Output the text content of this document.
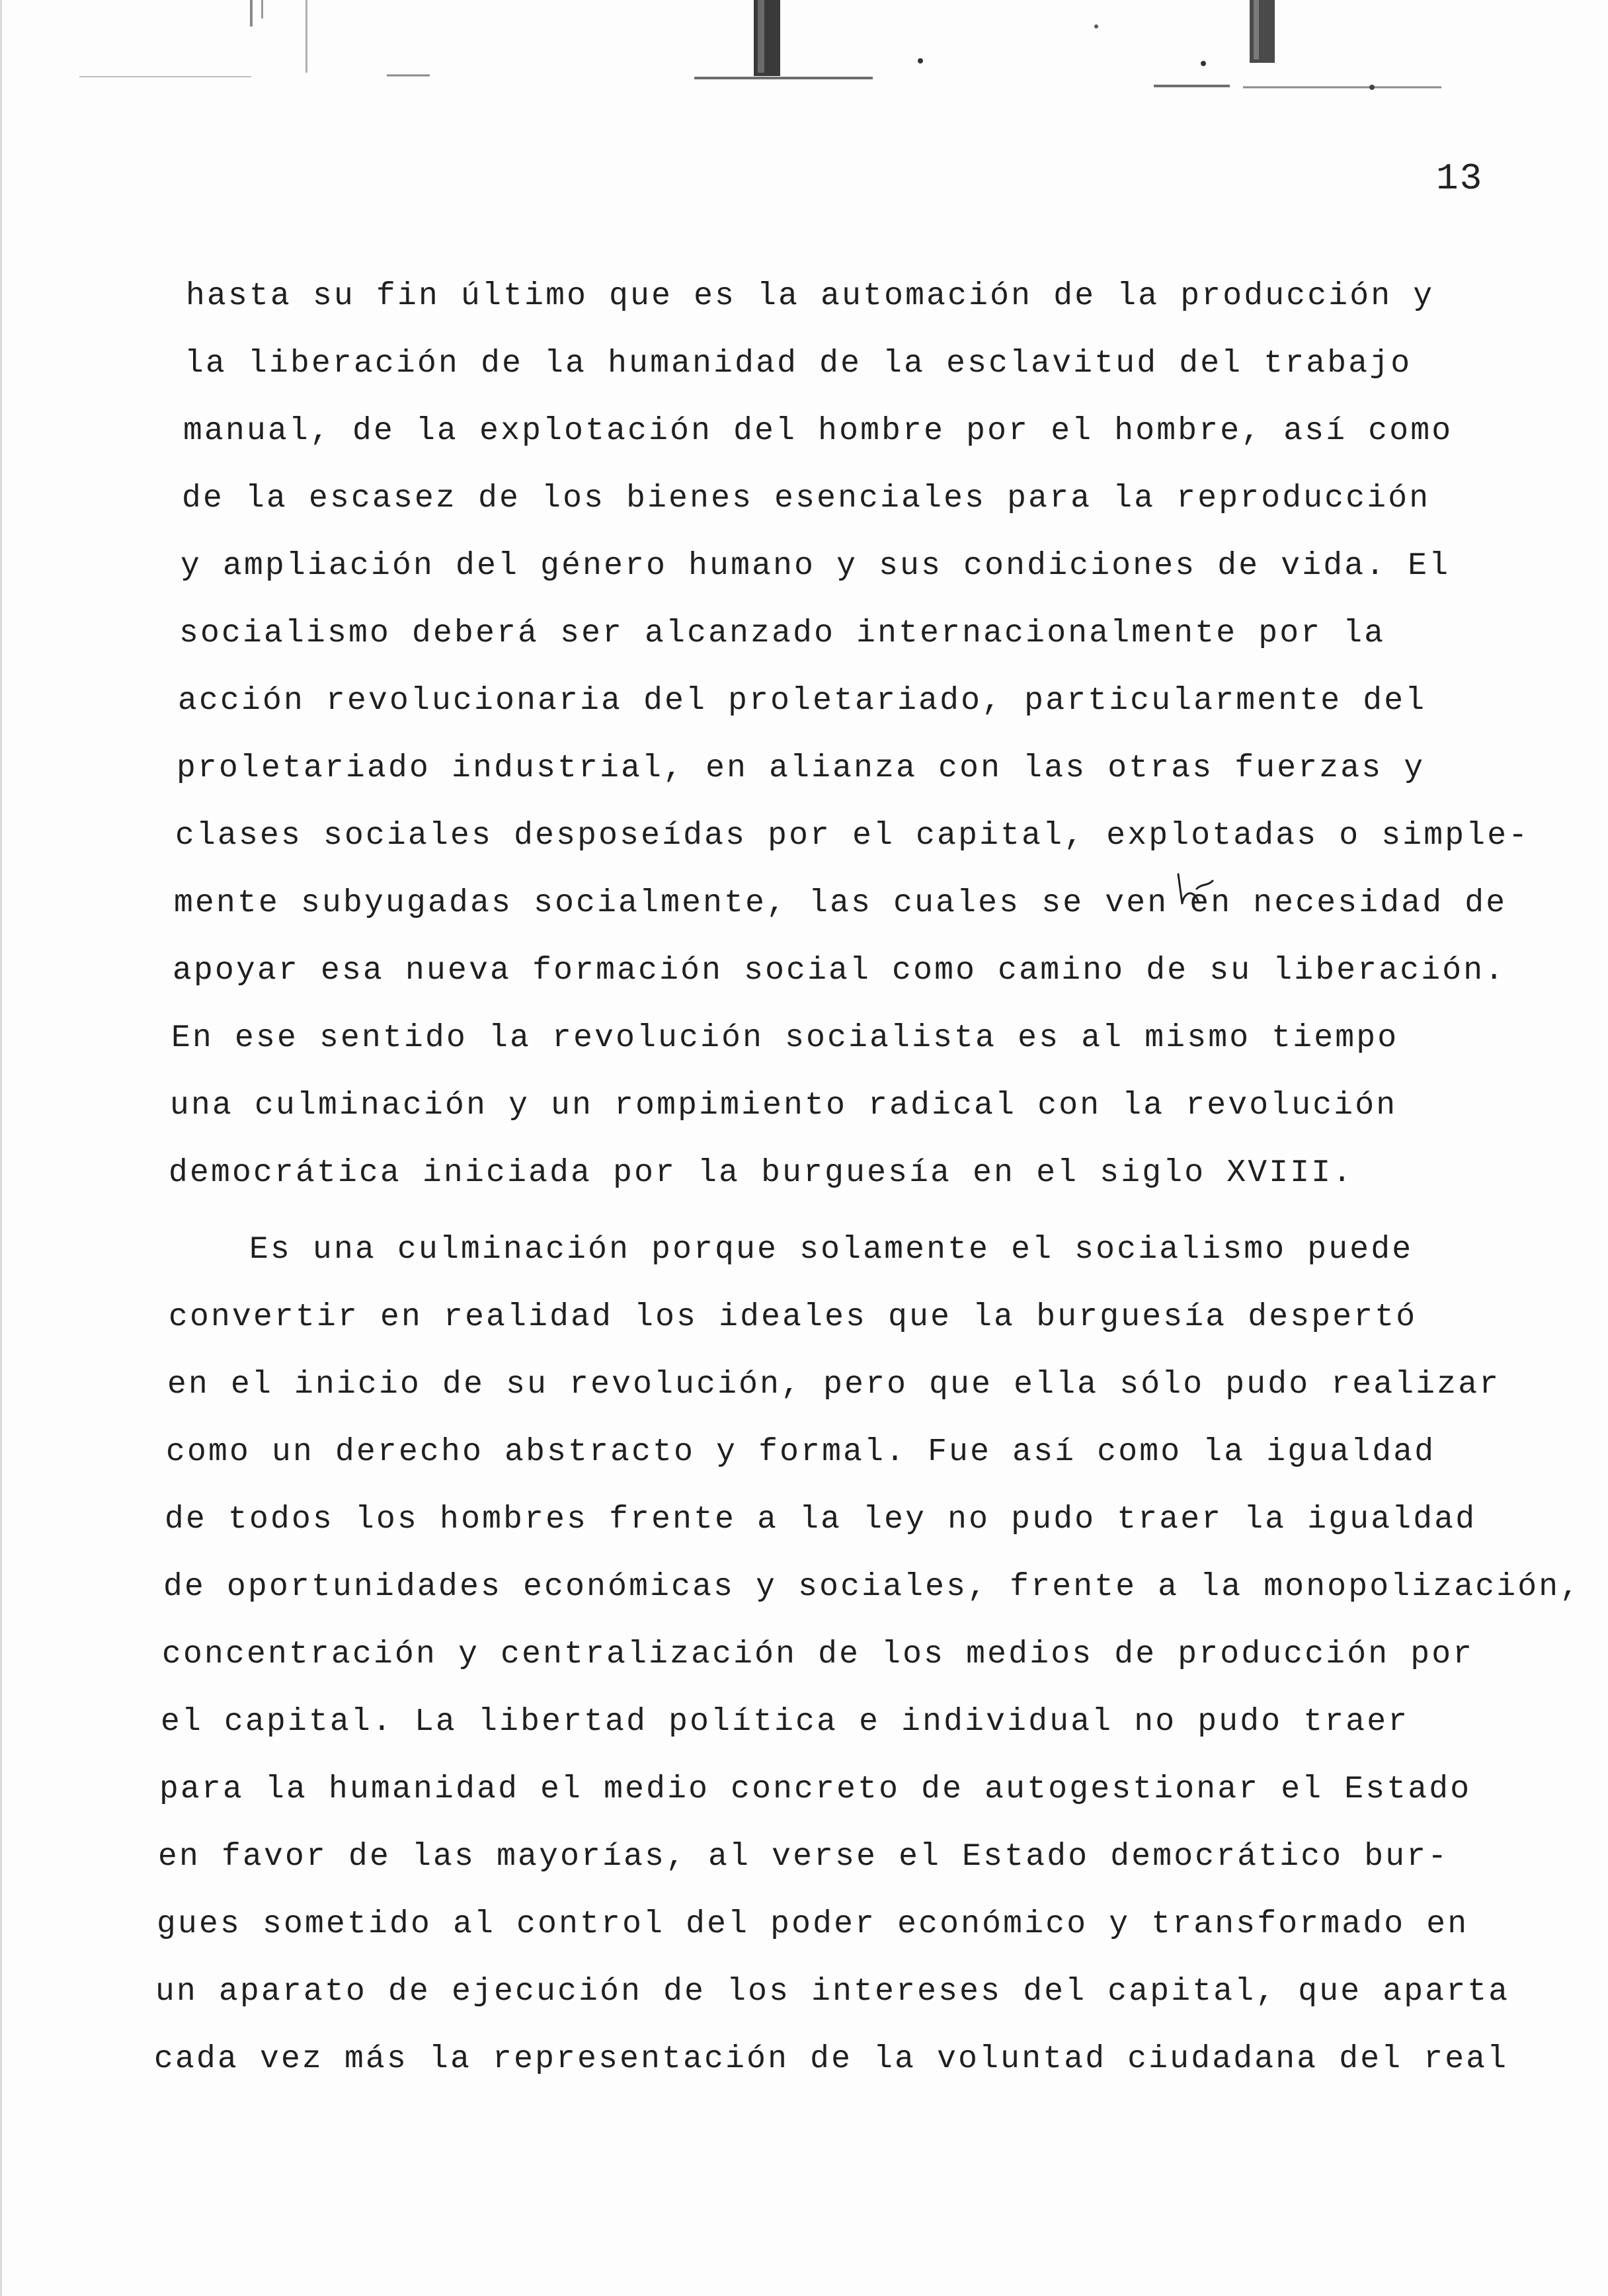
13
hasta su fin último que es la automación de la producción y
la liberación de la humanidad de la esclavitud del trabajo
manual, de la explotación del hombre por el hombre, así como
de la escasez de los bienes esenciales para la reproducción
y ampliación del género humano y sus condiciones de vida. El
socialismo deberá ser alcanzado internacionalmente por la
acción revolucionaria del proletariado, particularmente del
proletariado industrial, en alianza con las otras fuerzas y
clases sociales desposeídas por el capital, explotadas o simple-
mente subyugadas socialmente, las cuales se ven en necesidad de
apoyar esa nueva formación social como camino de su liberación.
En ese sentido la revolución socialista es al mismo tiempo
una culminación y un rompimiento radical con la revolución
democrática iniciada por la burguesía en el siglo XVIII.
Es una culminación porque solamente el socialismo puede
convertir en realidad los ideales que la burguesía despertó
en el inicio de su revolución, pero que ella sólo pudo realizar
como un derecho abstracto y formal. Fue así como la igualdad
de todos los hombres frente a la ley no pudo traer la igualdad
de oportunidades económicas y sociales, frente a la monopolización,
concentración y centralización de los medios de producción por
el capital. La libertad política e individual no pudo traer
para la humanidad el medio concreto de autogestionar el Estado
en favor de las mayorías, al verse el Estado democrático bur-
gues sometido al control del poder económico y transformado en
un aparato de ejecución de los intereses del capital, que aparta
cada vez más la representación de la voluntad ciudadana del real
